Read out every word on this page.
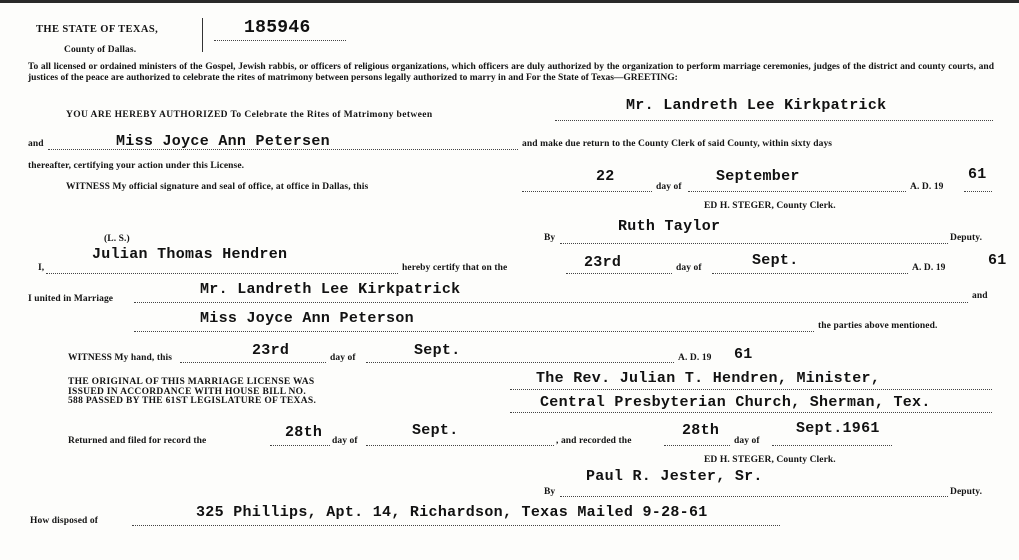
THE STATE OF TEXAS,
County of Dallas.
185946
To all licensed or ordained ministers of the Gospel, Jewish rabbis, or officers of religious organizations, which officers are duly authorized by the organization to perform marriage ceremonies, judges of the district and county courts, and justices of the peace are authorized to celebrate the rites of matrimony between persons legally authorized to marry in and For the State of Texas—GREETING:
YOU ARE HEREBY AUTHORIZED To Celebrate the Rites of Matrimony between
Mr. Landreth Lee Kirkpatrick
and	Miss Joyce Ann Petersen	and make due return to the County Clerk of said County, within sixty days
thereafter, certifying your action under this License.
WITNESS My official signature and seal of office, at office in Dallas, this
22
day of
September
A. D. 19
61
ED H. STEGER, County Clerk.
(L. S.)	By
Ruth Taylor
Deputy.
I,
Julian Thomas Hendren
hereby certify that on the	23rd	day of	Sept.	A. D. 19	61
I united in Marriage
Mr. Landreth Lee Kirkpatrick	and
Miss Joyce Ann Peterson	the parties above mentioned.
WITNESS My hand, this	23rd	day of	Sept.	A. D. 19 61
THE ORIGINAL OF THIS MARRIAGE LICENSE WAS
ISSUED IN ACCORDANCE WITH HOUSE BILL NO.
588 PASSED BY THE 61ST LEGISLATURE OF TEXAS.
The Rev. Julian T. Hendren, Minister,
Central Presbyterian Church, Sherman, Tex.
Returned and filed for record the	28th day of
Sept.
, and recorded the
28th
day of
Sept.1961
ED H. STEGER, County Clerk.
By
Paul R. Jester, Sr.
Deputy.
How disposed of	325 Phillips, Apt. 14, Richardson, Texas Mailed 9-28-61
